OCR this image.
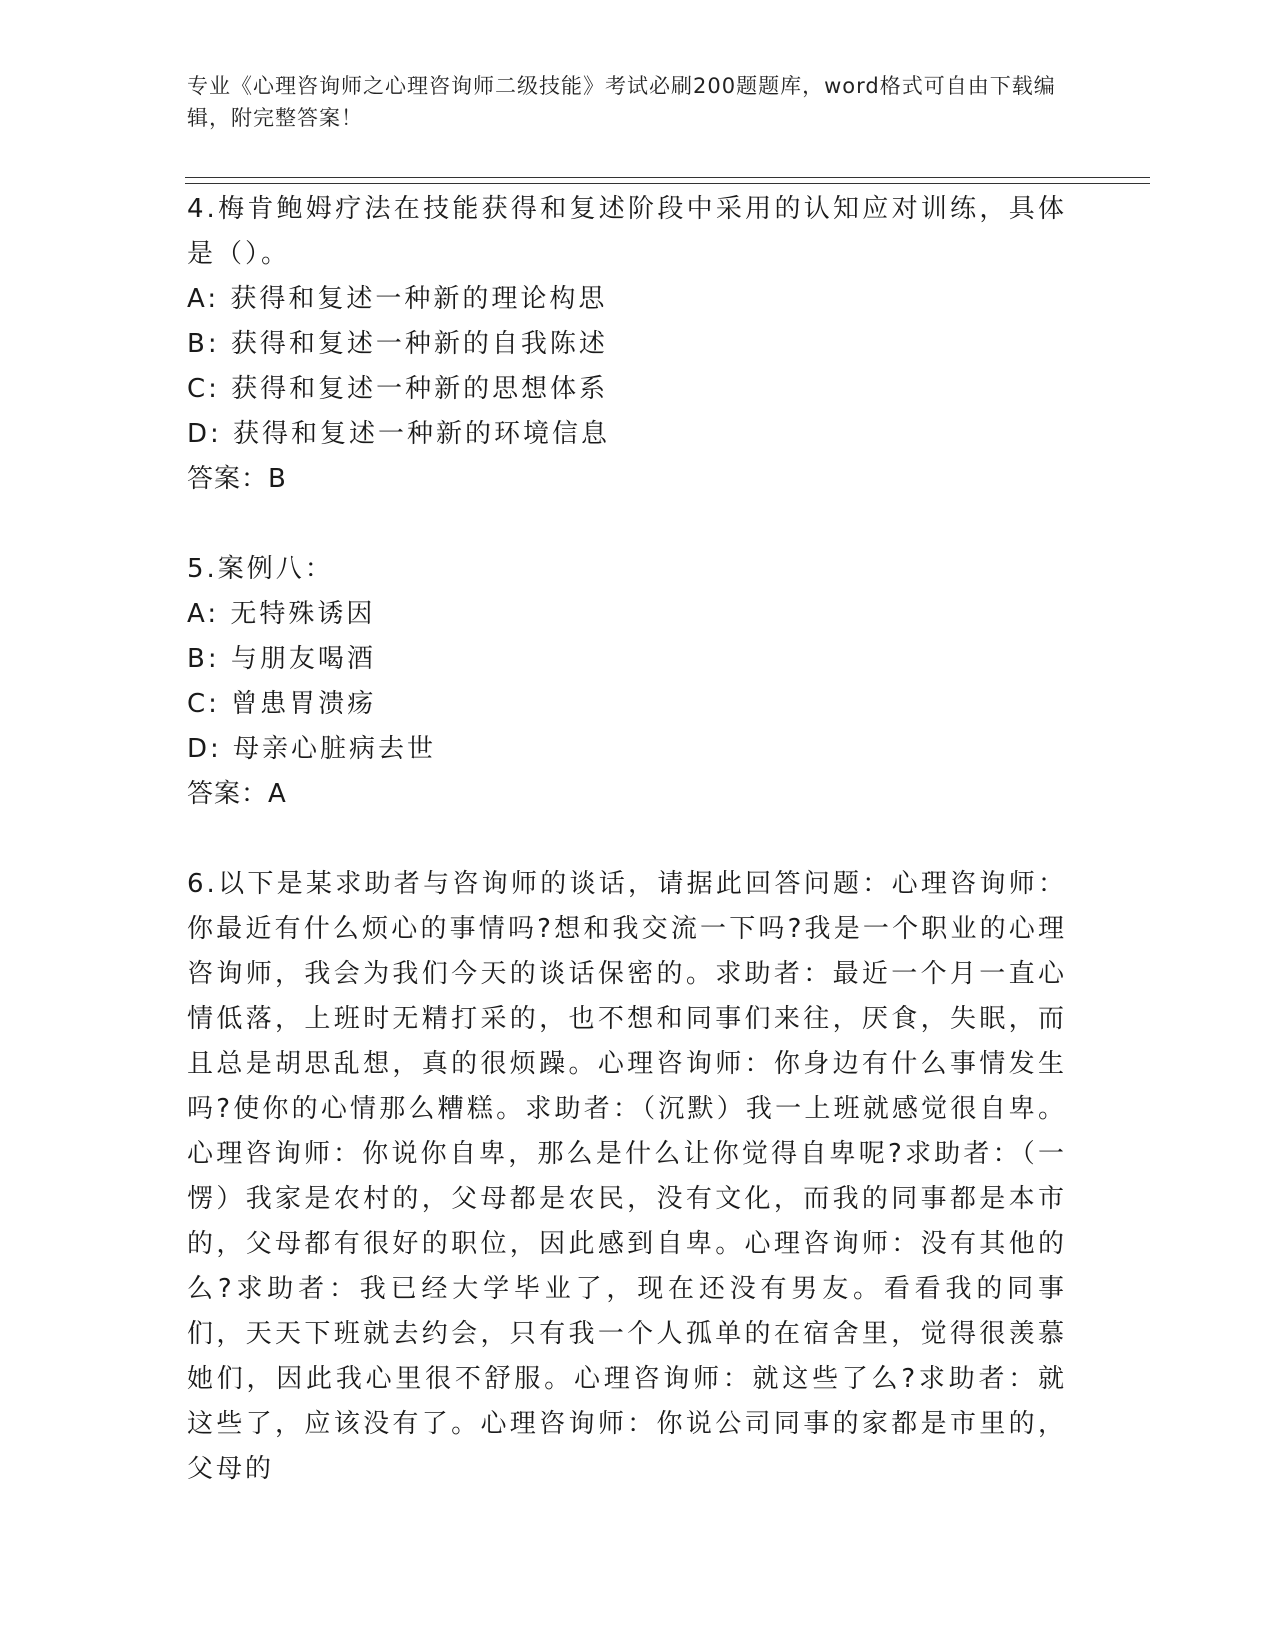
专业《心理咨询师之心理咨询师二级技能》考试必刷200题题库，word格式可自由下载编辑，附完整答案！
4.梅肯鲍姆疗法在技能获得和复述阶段中采用的认知应对训练，具体是（）。
A: 获得和复述一种新的理论构思
B: 获得和复述一种新的自我陈述
C: 获得和复述一种新的思想体系
D: 获得和复述一种新的环境信息
答案：B
5.案例八：
A: 无特殊诱因
B: 与朋友喝酒
C: 曾患胃溃疡
D: 母亲心脏病去世
答案：A
6.以下是某求助者与咨询师的谈话，请据此回答问题：心理咨询师：你最近有什么烦心的事情吗?想和我交流一下吗?我是一个职业的心理咨询师，我会为我们今天的谈话保密的。求助者：最近一个月一直心情低落，上班时无精打采的，也不想和同事们来往，厌食，失眠，而且总是胡思乱想，真的很烦躁。心理咨询师：你身边有什么事情发生吗?使你的心情那么糟糕。求助者：（沉默）我一上班就感觉很自卑。心理咨询师：你说你自卑，那么是什么让你觉得自卑呢?求助者：（一愣）我家是农村的，父母都是农民，没有文化，而我的同事都是本市的，父母都有很好的职位，因此感到自卑。心理咨询师：没有其他的么?求助者：我已经大学毕业了，现在还没有男友。看看我的同事们，天天下班就去约会，只有我一个人孤单的在宿舍里，觉得很羡慕她们，因此我心里很不舒服。心理咨询师：就这些了么?求助者：就这些了，应该没有了。心理咨询师：你说公司同事的家都是市里的，父母的
